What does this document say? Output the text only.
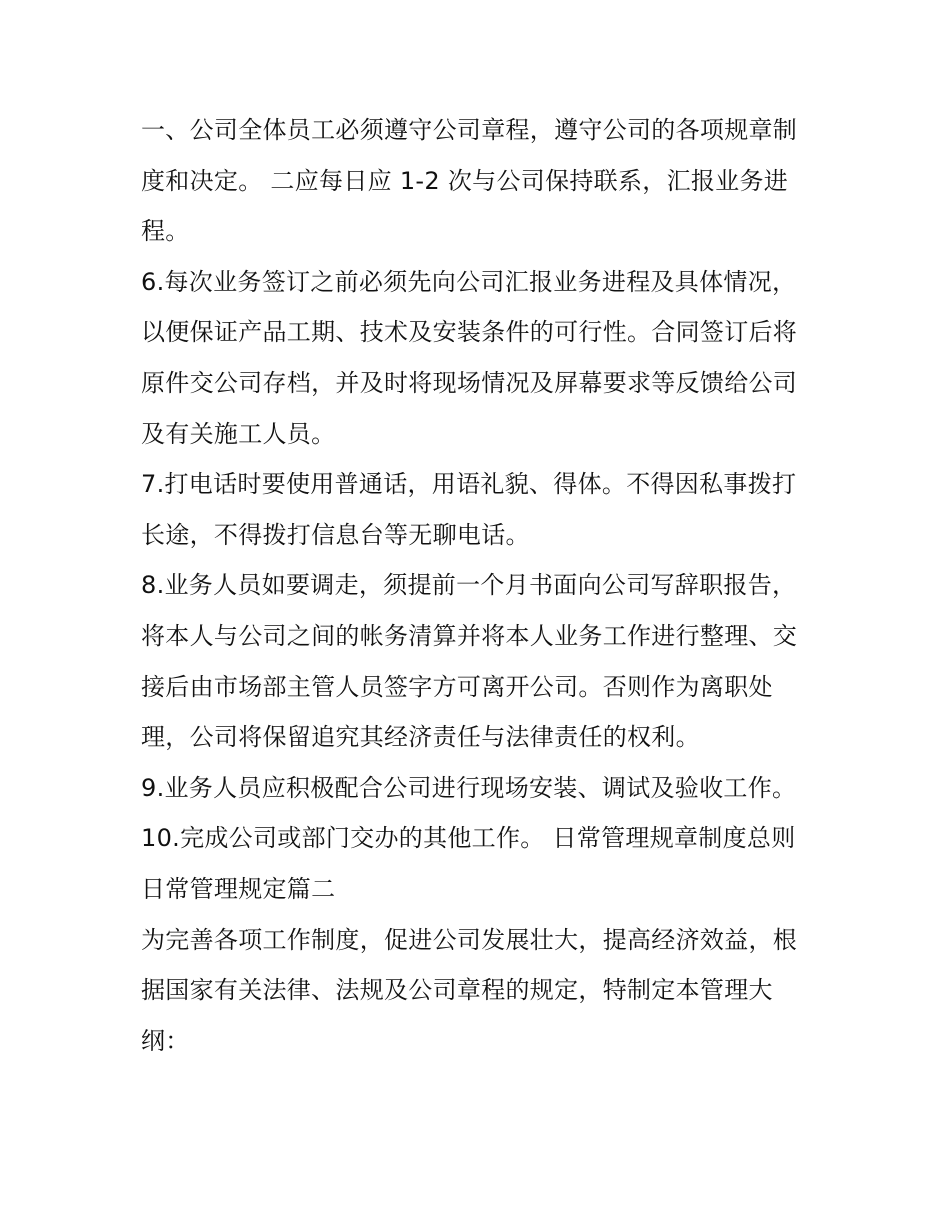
一、公司全体员工必须遵守公司章程，遵守公司的各项规章制
度和决定。 二应每日应 1-2 次与公司保持联系，汇报业务进
程。
6.每次业务签订之前必须先向公司汇报业务进程及具体情况，
以便保证产品工期、技术及安装条件的可行性。合同签订后将
原件交公司存档，并及时将现场情况及屏幕要求等反馈给公司
及有关施工人员。
7.打电话时要使用普通话，用语礼貌、得体。不得因私事拨打
长途，不得拨打信息台等无聊电话。
8.业务人员如要调走，须提前一个月书面向公司写辞职报告，
将本人与公司之间的帐务清算并将本人业务工作进行整理、交
接后由市场部主管人员签字方可离开公司。否则作为离职处
理，公司将保留追究其经济责任与法律责任的权利。
9.业务人员应积极配合公司进行现场安装、调试及验收工作。
10.完成公司或部门交办的其他工作。 日常管理规章制度总则
日常管理规定篇二
为完善各项工作制度，促进公司发展壮大，提高经济效益，根
据国家有关法律、法规及公司章程的规定，特制定本管理大
纲：
